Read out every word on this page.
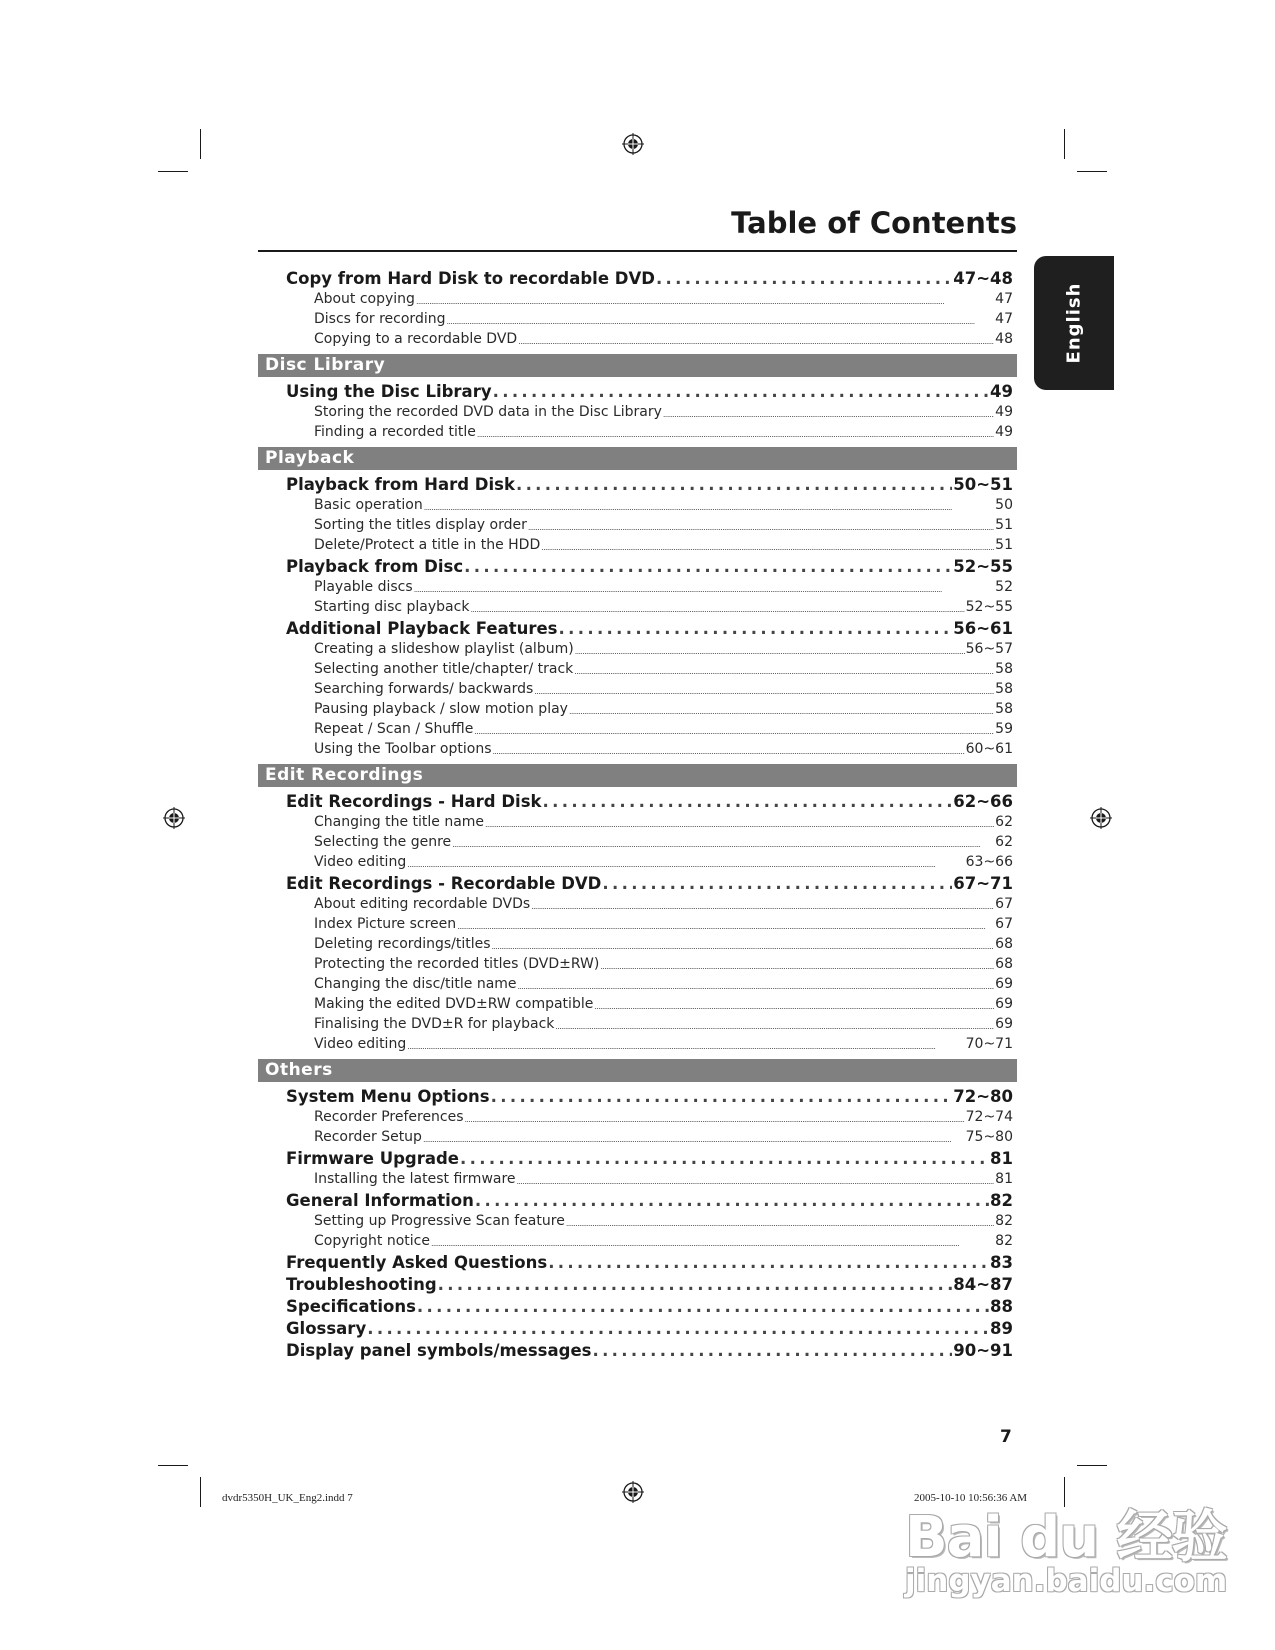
Table of Contents
English
Copy from Hard Disk to recordable DVD . . .	47~48
About copying . . .	47
Discs for recording . . .	47
Copying to a recordable DVD . . .	48
Disc Library
Using the Disc Library . . .	49
Storing the recorded DVD data in the Disc Library . . .	49
Finding a recorded title . . .	49
Playback
Playback from Hard Disk . . .	50~51
Basic operation . . .	50
Sorting the titles display order . . .	51
Delete/Protect a title in the HDD . . .	51
Playback from Disc . . .	52~55
Playable discs . . .	52
Starting disc playback . . .	52~55
Additional Playback Features . . .	56~61
Creating a slideshow playlist (album) . . .	56~57
Selecting another title/chapter/ track . . .	58
Searching forwards/ backwards . . .	58
Pausing playback / slow motion play . . .	58
Repeat / Scan / Shuffle . . .	59
Using the Toolbar options . . .	60~61
Edit Recordings
Edit Recordings - Hard Disk . . .	62~66
Changing the title name . . .	62
Selecting the genre . . .	62
Video editing . . .	63~66
Edit Recordings - Recordable DVD . . .	67~71
About editing recordable DVDs . . .	67
Index Picture screen . . .	67
Deleting recordings/titles . . .	68
Protecting the recorded titles (DVD±RW) . . .	68
Changing the disc/title name . . .	69
Making the edited DVD±RW compatible . . .	69
Finalising the DVD±R for playback . . .	69
Video editing . . .	70~71
Others
System Menu Options . . .	72~80
Recorder Preferences . . .	72~74
Recorder Setup . . .	75~80
Firmware Upgrade . . .	81
Installing the latest firmware . . .	81
General Information . . .	82
Setting up Progressive Scan feature . . .	82
Copyright notice . . .	82
Frequently Asked Questions . . .	83
Troubleshooting . . .	84~87
Specifications . . .	88
Glossary . . .	89
Display panel symbols/messages . . .	90~91
7
dvdr5350H_UK_Eng2.indd 7	2005-10-10 10:56:36 AM
Bai du 经验
jingyan.baidu.com
